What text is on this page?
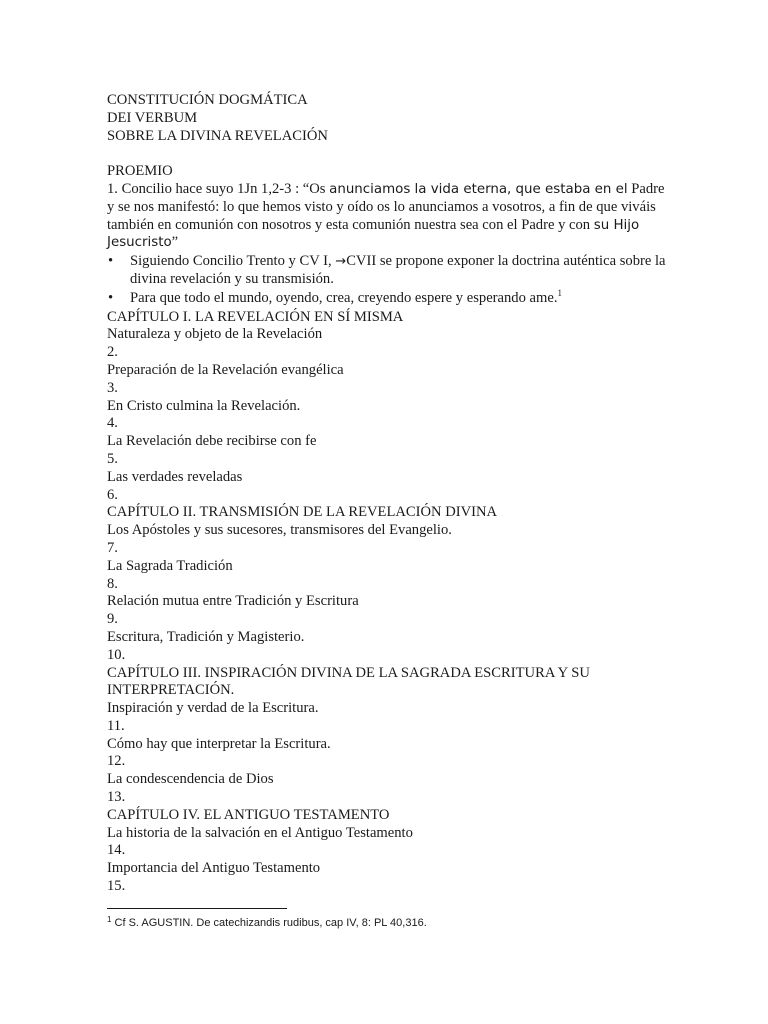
CONSTITUCIÓN DOGMÁTICA
DEI VERBUM
SOBRE LA DIVINA REVELACIÓN
PROEMIO
1. Concilio hace suyo 1Jn 1,2-3 : “Os anunciamos la vida eterna, que estaba en el Padre y se nos manifestó: lo que hemos visto y oído os lo anunciamos a vosotros, a fin de que viváis también en comunión con nosotros y esta comunión nuestra sea con el Padre y con su Hijo Jesucristo”
• Siguiendo Concilio Trento y CV I, →CVII se propone exponer la doctrina auténtica sobre la divina revelación y su transmisión.
• Para que todo el mundo, oyendo, crea, creyendo espere y esperando ame.$^1$
CAPÍTULO I. LA REVELACIÓN EN SÍ MISMA
Naturaleza y objeto de la Revelación
2.
Preparación de la Revelación evangélica
3.
En Cristo culmina la Revelación.
4.
La Revelación debe recibirse con fe
5.
Las verdades reveladas
6.
CAPÍTULO II. TRANSMISIÓN DE LA REVELACIÓN DIVINA
Los Apóstoles y sus sucesores, transmisores del Evangelio.
7.
La Sagrada Tradición
8.
Relación mutua entre Tradición y Escritura
9.
Escritura, Tradición y Magisterio.
10.
CAPÍTULO III. INSPIRACIÓN DIVINA DE LA SAGRADA ESCRITURA Y SU
INTERPRETACIÓN.
Inspiración y verdad de la Escritura.
11.
Cómo hay que interpretar la Escritura.
12.
La condescendencia de Dios
13.
CAPÍTULO IV. EL ANTIGUO TESTAMENTO
La historia de la salvación en el Antiguo Testamento
14.
Importancia del Antiguo Testamento
15.
$^1$ Cf S. AGUSTIN. De catechizandis rudibus, cap IV, 8: PL 40,316.
